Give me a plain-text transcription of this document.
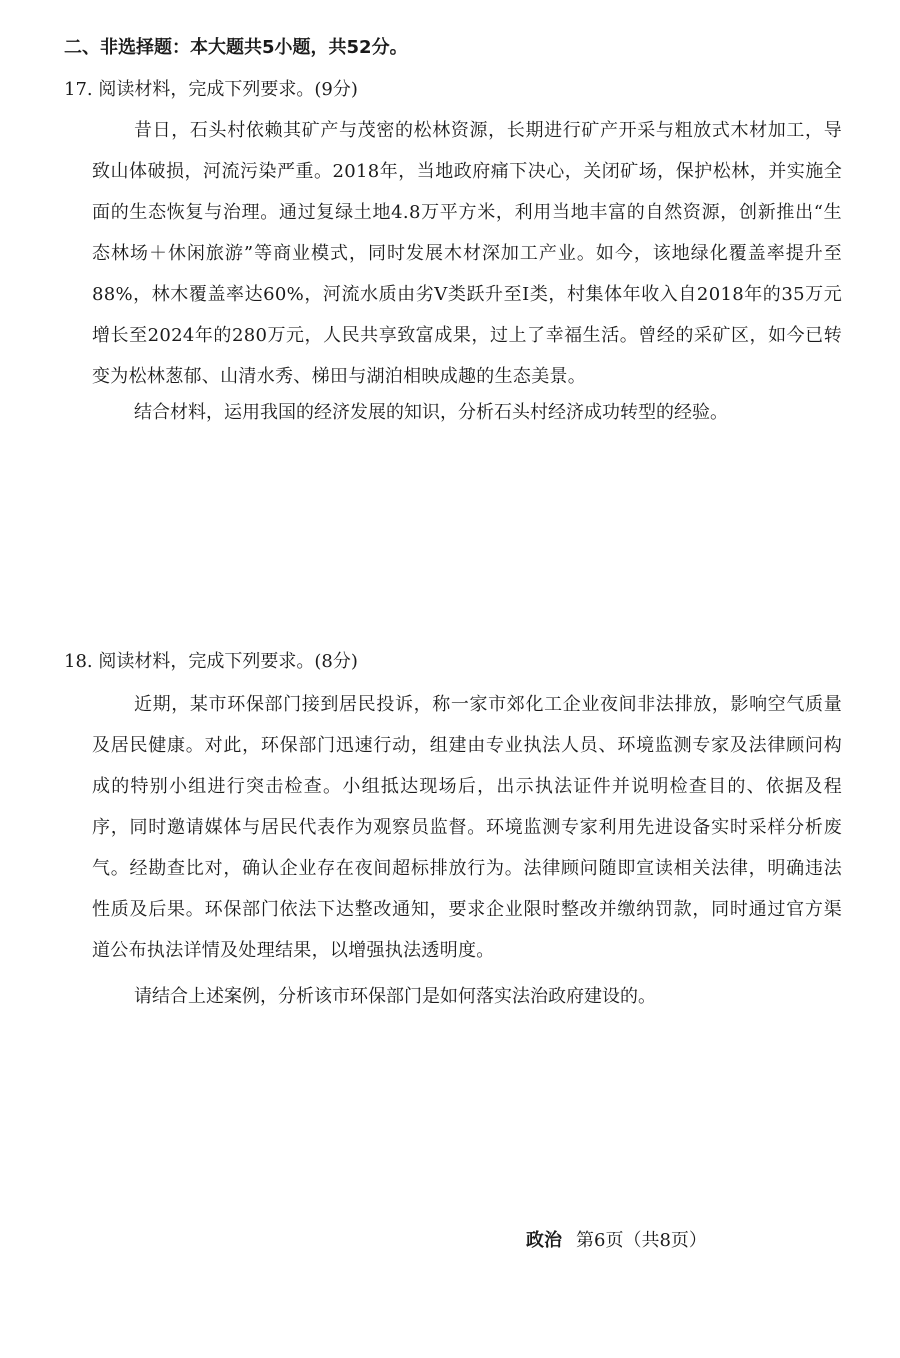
二、非选择题：本大题共5小题，共52分。
17. 阅读材料，完成下列要求。(9分)
昔日，石头村依赖其矿产与茂密的松林资源，长期进行矿产开采与粗放式木材加工，导致山体破损，河流污染严重。2018年，当地政府痛下决心，关闭矿场，保护松林，并实施全面的生态恢复与治理。通过复绿土地4.8万平方米，利用当地丰富的自然资源，创新推出“生态林场＋休闲旅游”等商业模式，同时发展木材深加工产业。如今，该地绿化覆盖率提升至88%，林木覆盖率达60%，河流水质由劣Ⅴ类跃升至Ⅰ类，村集体年收入自2018年的35万元增长至2024年的280万元，人民共享致富成果，过上了幸福生活。曾经的采矿区，如今已转变为松林葱郁、山清水秀、梯田与湖泊相映成趣的生态美景。
结合材料，运用我国的经济发展的知识，分析石头村经济成功转型的经验。
18. 阅读材料，完成下列要求。(8分)
近期，某市环保部门接到居民投诉，称一家市郊化工企业夜间非法排放，影响空气质量及居民健康。对此，环保部门迅速行动，组建由专业执法人员、环境监测专家及法律顾问构成的特别小组进行突击检查。小组抵达现场后，出示执法证件并说明检查目的、依据及程序，同时邀请媒体与居民代表作为观察员监督。环境监测专家利用先进设备实时采样分析废气。经勘查比对，确认企业存在夜间超标排放行为。法律顾问随即宣读相关法律，明确违法性质及后果。环保部门依法下达整改通知，要求企业限时整改并缴纳罚款，同时通过官方渠道公布执法详情及处理结果，以增强执法透明度。
请结合上述案例，分析该市环保部门是如何落实法治政府建设的。
政治 第6页（共8页）
